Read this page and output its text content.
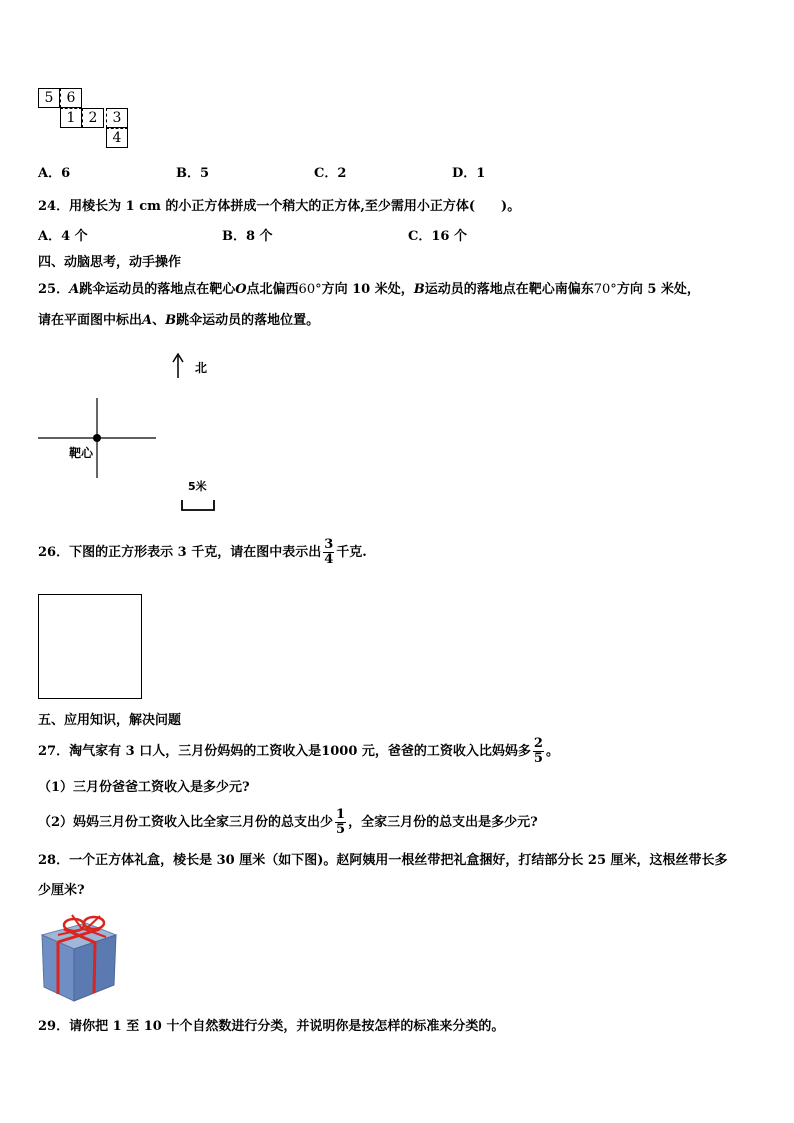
5 6
1 2	3
4
A．6	B．5	C．2	D．1
24．用棱长为 1 cm 的小正方体拼成一个稍大的正方体,至少需用小正方体(　　)。
A．4 个	B．8 个	C．16 个
四、动脑思考，动手操作
25．A跳伞运动员的落地点在靶心O点北偏西60°方向 10 米处，B运动员的落地点在靶心南偏东70°方向 5 米处，
请在平面图中标出A、B跳伞运动员的落地位置。
北
靶心
5米
26．下图的正方形表示 3 千克，请在图中表示出 $\frac{3}{4}$ 千克.
五、应用知识，解决问题
27．淘气家有 3 口人，三月份妈妈的工资收入是1000 元，爸爸的工资收入比妈妈多 $\frac{2}{5}$ 。
（1）三月份爸爸工资收入是多少元?
（2）妈妈三月份工资收入比全家三月份的总支出少 $\frac{1}{5}$ ，全家三月份的总支出是多少元?
28．一个正方体礼盒，棱长是 30 厘米（如下图)。赵阿姨用一根丝带把礼盒捆好，打结部分长 25 厘米，这根丝带长多
少厘米?
29．请你把 1 至 10 十个自然数进行分类，并说明你是按怎样的标准来分类的。
